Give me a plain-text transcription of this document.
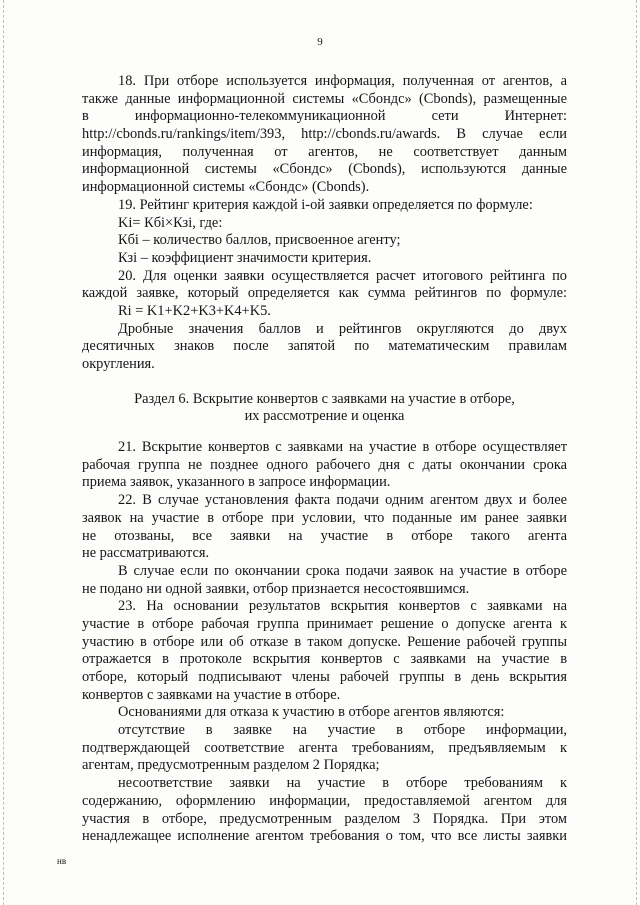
9
18. При отборе используется информация, полученная от агентов, а
также данные информационной системы «Сбондс» (Cbonds), размещенные
в информационно-телекоммуникационной сети Интернет:
http://cbonds.ru/rankings/item/393, http://cbonds.ru/awards. В случае если
информация, полученная от агентов, не соответствует данным
информационной системы «Сбондс» (Cbonds), используются данные
информационной системы «Сбондс» (Cbonds).
19. Рейтинг критерия каждой i-ой заявки определяется по формуле:
Ki= Кбi×Кзi, где:
Кбi – количество баллов, присвоенное агенту;
Кзi – коэффициент значимости критерия.
20. Для оценки заявки осуществляется расчет итогового рейтинга по
каждой заявке, который определяется как сумма рейтингов по формуле:
Ri = K1+K2+K3+K4+K5.
Дробные значения баллов и рейтингов округляются до двух
десятичных знаков после запятой по математическим правилам
округления.
Раздел 6. Вскрытие конвертов с заявками на участие в отборе,
их рассмотрение и оценка
21. Вскрытие конвертов с заявками на участие в отборе осуществляет
рабочая группа не позднее одного рабочего дня с даты окончании срока
приема заявок, указанного в запросе информации.
22. В случае установления факта подачи одним агентом двух и более
заявок на участие в отборе при условии, что поданные им ранее заявки
не отозваны, все заявки на участие в отборе такого агента
не рассматриваются.
В случае если по окончании срока подачи заявок на участие в отборе
не подано ни одной заявки, отбор признается несостоявшимся.
23. На основании результатов вскрытия конвертов с заявками на
участие в отборе рабочая группа принимает решение о допуске агента к
участию в отборе или об отказе в таком допуске. Решение рабочей группы
отражается в протоколе вскрытия конвертов с заявками на участие в
отборе, который подписывают члены рабочей группы в день вскрытия
конвертов с заявками на участие в отборе.
Основаниями для отказа к участию в отборе агентов являются:
отсутствие в заявке на участие в отборе информации,
подтверждающей соответствие агента требованиям, предъявляемым к
агентам, предусмотренным разделом 2 Порядка;
несоответствие заявки на участие в отборе требованиям к
содержанию, оформлению информации, предоставляемой агентом для
участия в отборе, предусмотренным разделом 3 Порядка. При этом
ненадлежащее исполнение агентом требования о том, что все листы заявки
нв
